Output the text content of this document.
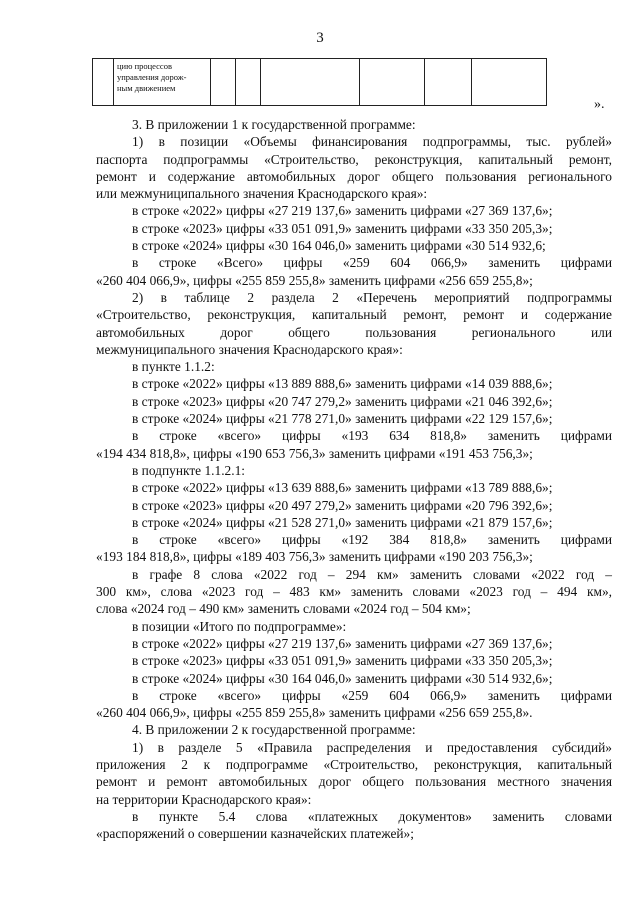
3

цию процессов
управления дорож-
ным движением

».
3. В приложении 1 к государственной программе:
1) в позиции «Объемы финансирования подпрограммы, тыс. рублей»
паспорта подпрограммы «Строительство, реконструкция, капитальный ремонт,
ремонт и содержание автомобильных дорог общего пользования регионального
или межмуниципального значения Краснодарского края»:
в строке «2022» цифры «27 219 137,6» заменить цифрами «27 369 137,6»;
в строке «2023» цифры «33 051 091,9» заменить цифрами «33 350 205,3»;
в строке «2024» цифры «30 164 046,0» заменить цифрами «30 514 932,6;
в строке «Всего» цифры «259 604 066,9» заменить цифрами
«260 404 066,9», цифры «255 859 255,8» заменить цифрами «256 659 255,8»;
2) в таблице 2 раздела 2 «Перечень мероприятий подпрограммы
«Строительство, реконструкция, капитальный ремонт, ремонт и содержание
автомобильных дорог общего пользования регионального или
межмуниципального значения Краснодарского края»:
в пункте 1.1.2:
в строке «2022» цифры «13 889 888,6» заменить цифрами «14 039 888,6»;
в строке «2023» цифры «20 747 279,2» заменить цифрами «21 046 392,6»;
в строке «2024» цифры «21 778 271,0» заменить цифрами «22 129 157,6»;
в строке «всего» цифры «193 634 818,8» заменить цифрами
«194 434 818,8», цифры «190 653 756,3» заменить цифрами «191 453 756,3»;
в подпункте 1.1.2.1:
в строке «2022» цифры «13 639 888,6» заменить цифрами «13 789 888,6»;
в строке «2023» цифры «20 497 279,2» заменить цифрами «20 796 392,6»;
в строке «2024» цифры «21 528 271,0» заменить цифрами «21 879 157,6»;
в строке «всего» цифры «192 384 818,8» заменить цифрами
«193 184 818,8», цифры «189 403 756,3» заменить цифрами «190 203 756,3»;
в графе 8 слова «2022 год – 294 км» заменить словами «2022 год –
300 км», слова «2023 год – 483 км» заменить словами «2023 год – 494 км»,
слова «2024 год – 490 км» заменить словами «2024 год – 504 км»;
в позиции «Итого по подпрограмме»:
в строке «2022» цифры «27 219 137,6» заменить цифрами «27 369 137,6»;
в строке «2023» цифры «33 051 091,9» заменить цифрами «33 350 205,3»;
в строке «2024» цифры «30 164 046,0» заменить цифрами «30 514 932,6»;
в строке «всего» цифры «259 604 066,9» заменить цифрами
«260 404 066,9», цифры «255 859 255,8» заменить цифрами «256 659 255,8».
4. В приложении 2 к государственной программе:
1) в разделе 5 «Правила распределения и предоставления субсидий»
приложения 2 к подпрограмме «Строительство, реконструкция, капитальный
ремонт и ремонт автомобильных дорог общего пользования местного значения
на территории Краснодарского края»:
в пункте 5.4 слова «платежных документов» заменить словами
«распоряжений о совершении казначейских платежей»;
